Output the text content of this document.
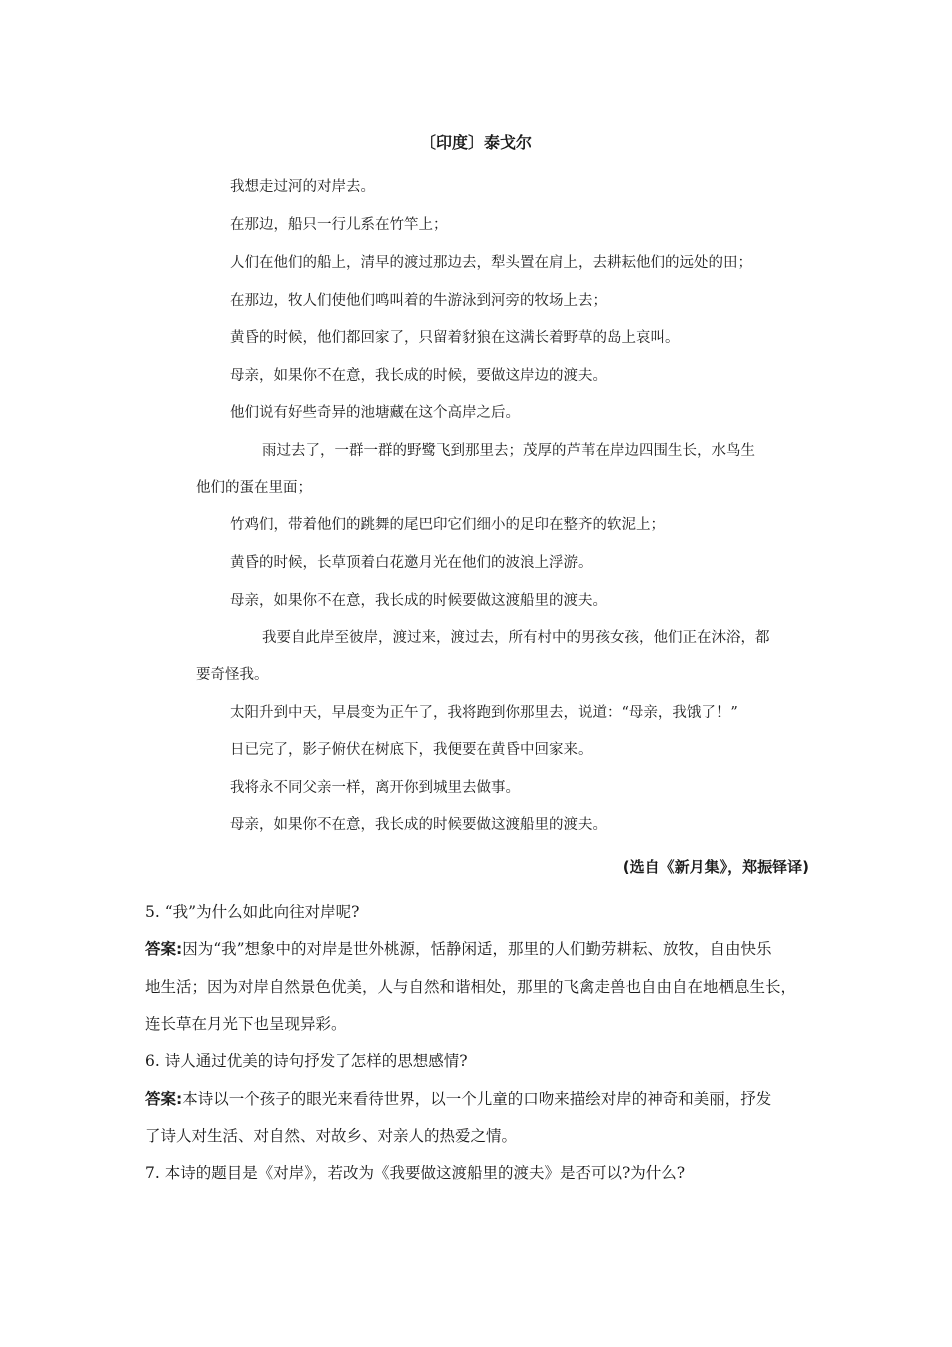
〔印度〕泰戈尔
我想走过河的对岸去。
在那边，船只一行儿系在竹竿上；
人们在他们的船上，清早的渡过那边去，犁头置在肩上，去耕耘他们的远处的田；
在那边，牧人们使他们鸣叫着的牛游泳到河旁的牧场上去；
黄昏的时候，他们都回家了，只留着豺狼在这满长着野草的岛上哀叫。
母亲，如果你不在意，我长成的时候，要做这岸边的渡夫。
他们说有好些奇异的池塘藏在这个高岸之后。
雨过去了，一群一群的野鹭飞到那里去；茂厚的芦苇在岸边四围生长，水鸟生
他们的蛋在里面；
竹鸡们，带着他们的跳舞的尾巴印它们细小的足印在整齐的软泥上；
黄昏的时候，长草顶着白花邀月光在他们的波浪上浮游。
母亲，如果你不在意，我长成的时候要做这渡船里的渡夫。
我要自此岸至彼岸，渡过来，渡过去，所有村中的男孩女孩，他们正在沐浴，都
要奇怪我。
太阳升到中天，早晨变为正午了，我将跑到你那里去，说道：“母亲，我饿了！”
日已完了，影子俯伏在树底下，我便要在黄昏中回家来。
我将永不同父亲一样，离开你到城里去做事。
母亲，如果你不在意，我长成的时候要做这渡船里的渡夫。
(选自《新月集》，郑振铎译)
5. “我”为什么如此向往对岸呢?
答案:因为“我”想象中的对岸是世外桃源，恬静闲适，那里的人们勤劳耕耘、放牧，自由快乐
地生活；因为对岸自然景色优美，人与自然和谐相处，那里的飞禽走兽也自由自在地栖息生长，
连长草在月光下也呈现异彩。
6. 诗人通过优美的诗句抒发了怎样的思想感情?
答案:本诗以一个孩子的眼光来看待世界，以一个儿童的口吻来描绘对岸的神奇和美丽，抒发
了诗人对生活、对自然、对故乡、对亲人的热爱之情。
7. 本诗的题目是《对岸》，若改为《我要做这渡船里的渡夫》是否可以?为什么?
